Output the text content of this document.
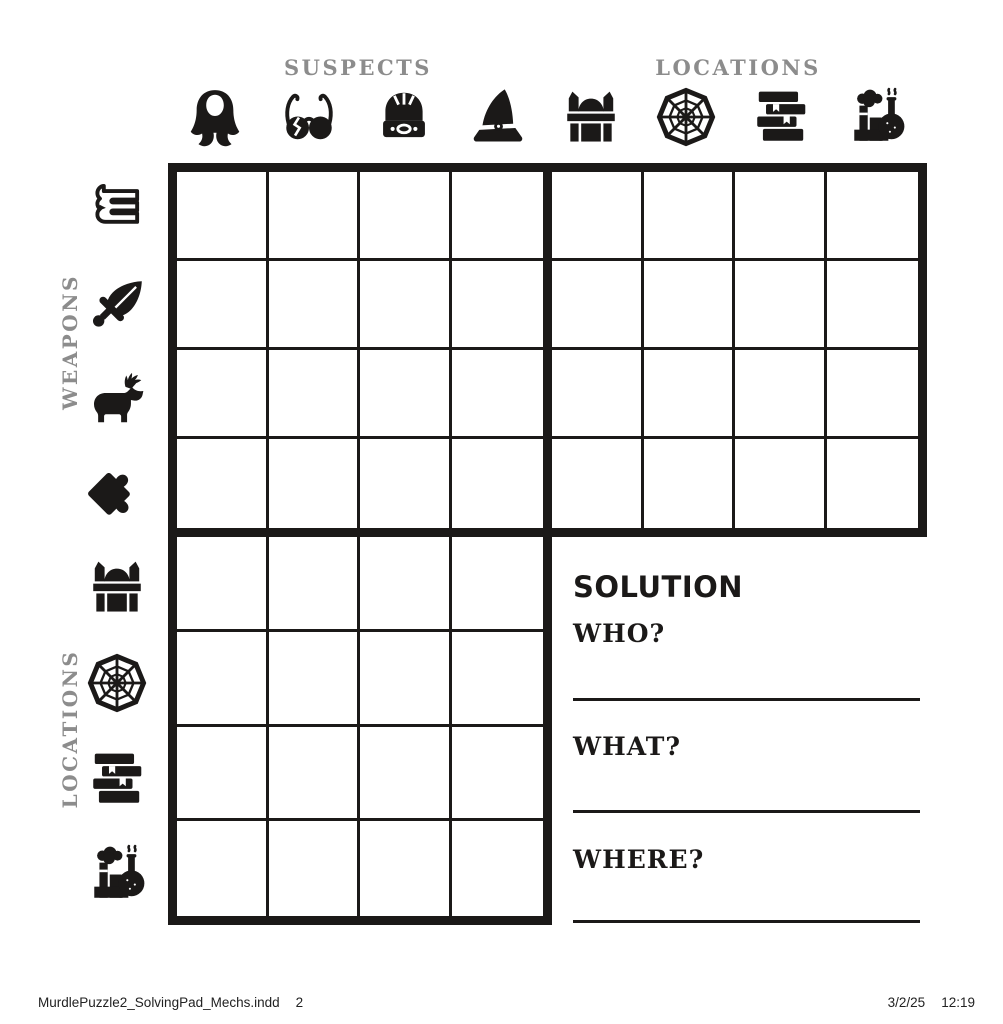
SUSPECTS	LOCATIONS
WEAPONS
LOCATIONS
SOLUTION
WHO?
WHAT?
WHERE?
MurdlePuzzle2_SolvingPad_Mechs.indd 2	3/2/25 12:19
